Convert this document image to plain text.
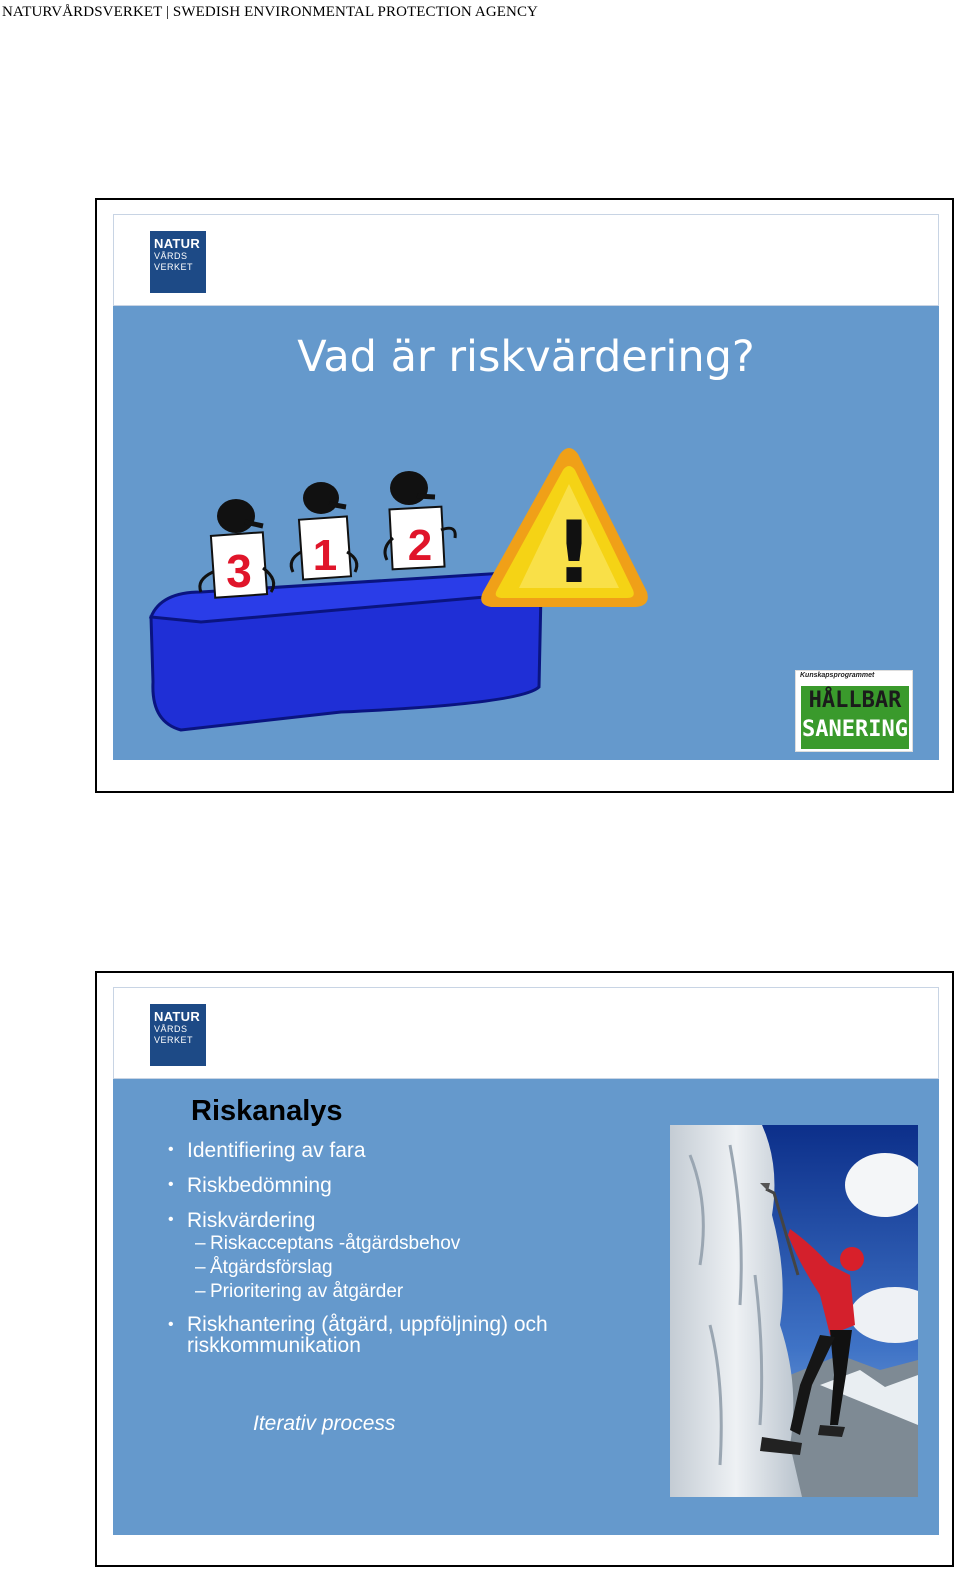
NATURVÅRDSVERKET | SWEDISH ENVIRONMENTAL PROTECTION AGENCY
NATUR
VÅRDS
VERKET
Vad är riskvärdering?
3 1 2 !
Kunskapsprogrammet
HÅLLBAR
SANERING
NATUR
VÅRDS
VERKET
Riskanalys
• Identifiering av fara
• Riskbedömning
• Riskvärdering
– Riskacceptans -åtgärdsbehov
– Åtgärdsförslag
– Prioritering av åtgärder
• Riskhantering (åtgärd, uppföljning) och
riskkommunikation
Iterativ process
